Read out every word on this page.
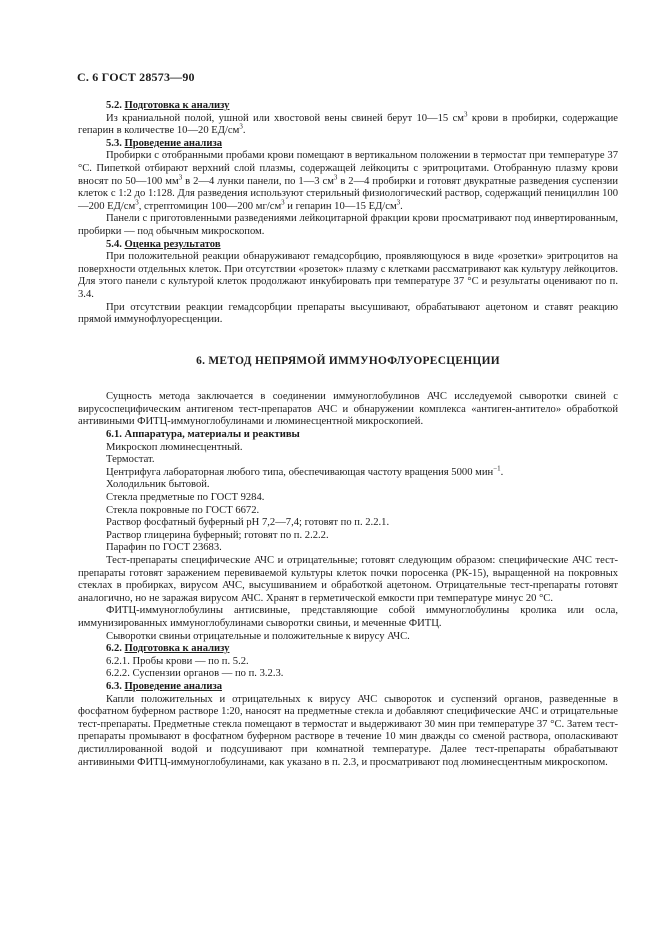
С. 6 ГОСТ 28573—90

5.2. Подготовка к анализу

Из краниальной полой, ушной или хвостовой вены свиней берут 10—15 $см^3$ крови в пробирки, содержащие гепарин в количестве 10—20 $ЕД/см^3$.

5.3. Проведение анализа

Пробирки с отобранными пробами крови помещают в вертикальном положении в термостат при температуре 37 °С. Пипеткой отбирают верхний слой плазмы, содержащей лейкоциты с эритроцитами. Отобранную плазму крови вносят по 50—100 $мм^3$ в 2—4 лунки панели, по 1—3 $см^3$ в 2—4 пробирки и готовят двукратные разведения суспензии клеток с 1:2 до 1:128. Для разведения используют стерильный физиологический раствор, содержащий пенициллин 100—200 $ЕД/см^3$, стрептомицин 100—200 $мг/см^3$ и гепарин 10—15 $ЕД/см^3$.

Панели с приготовленными разведениями лейкоцитарной фракции крови просматривают под инвертированным, пробирки — под обычным микроскопом.

5.4. Оценка результатов

При положительной реакции обнаруживают гемадсорбцию, проявляющуюся в виде «розетки» эритроцитов на поверхности отдельных клеток. При отсутствии «розеток» плазму с клетками рассматривают как культуру лейкоцитов. Для этого панели с культурой клеток продолжают инкубировать при температуре 37 °С и результаты оценивают по п. 3.4.

При отсутствии реакции гемадсорбции препараты высушивают, обрабатывают ацетоном и ставят реакцию прямой иммунофлуоресценции.

6. МЕТОД НЕПРЯМОЙ ИММУНОФЛУОРЕСЦЕНЦИИ

Сущность метода заключается в соединении иммуноглобулинов АЧС исследуемой сыворотки свиней с вирусоспецифическим антигеном тест-препаратов АЧС и обнаружении комплекса «антиген-антитело» обработкой антивиными ФИТЦ-иммуноглобулинами и люминесцентной микроскопией.

6.1. Аппаратура, материалы и реактивы

Микроскоп люминесцентный.

Термостат.

Центрифуга лабораторная любого типа, обеспечивающая частоту вращения 5000 мин$^{-1}$.

Холодильник бытовой.

Стекла предметные по ГОСТ 9284.

Стекла покровные по ГОСТ 6672.

Раствор фосфатный буферный рН 7,2—7,4; готовят по п. 2.2.1.

Раствор глицерина буферный; готовят по п. 2.2.2.

Парафин по ГОСТ 23683.

Тест-препараты специфические АЧС и отрицательные; готовят следующим образом: специфические АЧС тест-препараты готовят заражением перевиваемой культуры клеток почки поросенка (РК-15), выращенной на покровных стеклах в пробирках, вирусом АЧС, высушиванием и обработкой ацетоном. Отрицательные тест-препараты готовят аналогично, но не заражая вирусом АЧС. Хранят в герметической емкости при температуре минус 20 °С.

ФИТЦ-иммуноглобулины антисвиные, представляющие собой иммуноглобулины кролика или осла, иммунизированных иммуноглобулинами сыворотки свиньи, и меченные ФИТЦ.

Сыворотки свиньи отрицательные и положительные к вирусу АЧС.

6.2. Подготовка к анализу

6.2.1. Пробы крови — по п. 5.2.

6.2.2. Суспензии органов — по п. 3.2.3.

6.3. Проведение анализа

Капли положительных и отрицательных к вирусу АЧС сывороток и суспензий органов, разведенные в фосфатном буферном растворе 1:20, наносят на предметные стекла и добавляют специфические АЧС и отрицательные тест-препараты. Предметные стекла помещают в термостат и выдерживают 30 мин при температуре 37 °С. Затем тест-препараты промывают в фосфатном буферном растворе в течение 10 мин дважды со сменой раствора, ополаскивают дистиллированной водой и подсушивают при комнатной температуре. Далее тест-препараты обрабатывают антивиными ФИТЦ-иммуноглобулинами, как указано в п. 2.3, и просматривают под люминесцентным микроскопом.
